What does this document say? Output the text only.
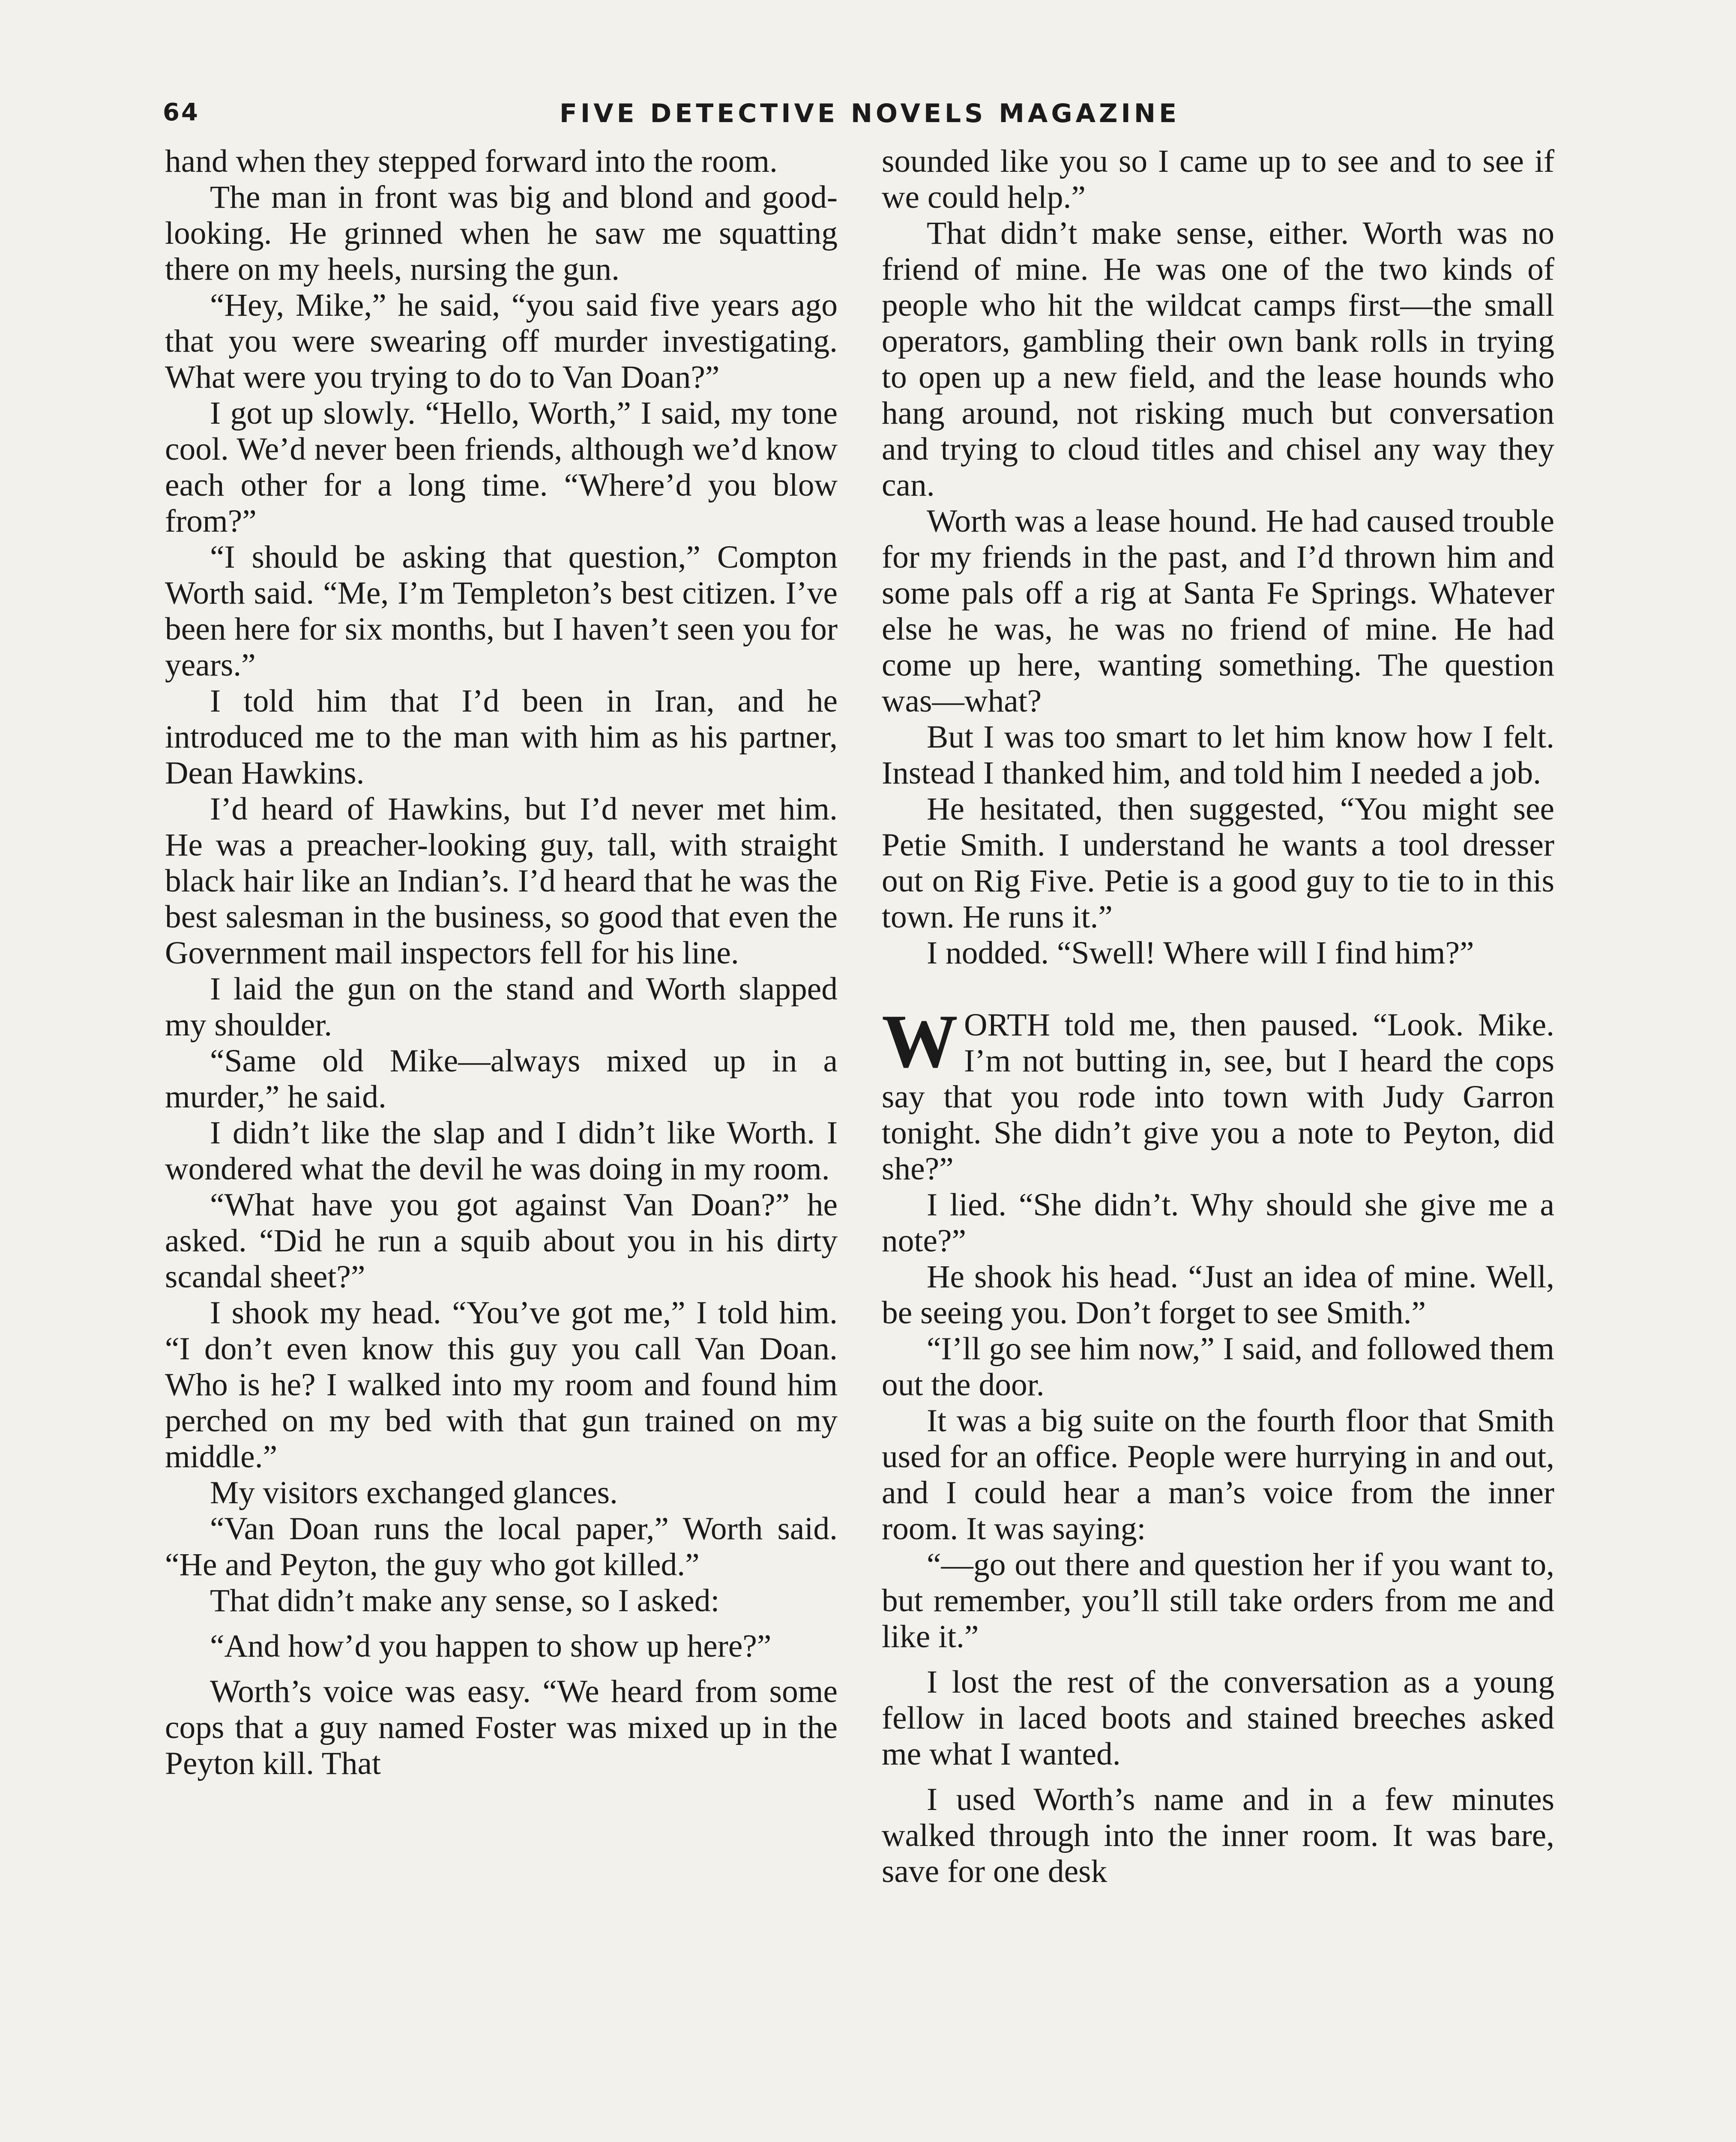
64	FIVE DETECTIVE NOVELS MAGAZINE

hand when they stepped forward into the room.

The man in front was big and blond and good-looking. He grinned when he saw me squatting there on my heels, nursing the gun.

“Hey, Mike,” he said, “you said five years ago that you were swearing off murder investigating. What were you trying to do to Van Doan?”

I got up slowly. “Hello, Worth,” I said, my tone cool. We’d never been friends, although we’d know each other for a long time. “Where’d you blow from?”

“I should be asking that question,” Compton Worth said. “Me, I’m Templeton’s best citizen. I’ve been here for six months, but I haven’t seen you for years.”

I told him that I’d been in Iran, and he introduced me to the man with him as his partner, Dean Hawkins.

I’d heard of Hawkins, but I’d never met him. He was a preacher-looking guy, tall, with straight black hair like an Indian’s. I’d heard that he was the best salesman in the business, so good that even the Government mail inspectors fell for his line.

I laid the gun on the stand and Worth slapped my shoulder.

“Same old Mike—always mixed up in a murder,” he said.

I didn’t like the slap and I didn’t like Worth. I wondered what the devil he was doing in my room.

“What have you got against Van Doan?” he asked. “Did he run a squib about you in his dirty scandal sheet?”

I shook my head. “You’ve got me,” I told him. “I don’t even know this guy you call Van Doan. Who is he? I walked into my room and found him perched on my bed with that gun trained on my middle.”

My visitors exchanged glances.

“Van Doan runs the local paper,” Worth said. “He and Peyton, the guy who got killed.”

That didn’t make any sense, so I asked:

“And how’d you happen to show up here?”

Worth’s voice was easy. “We heard from some cops that a guy named Foster was mixed up in the Peyton kill. That

sounded like you so I came up to see and to see if we could help.”

That didn’t make sense, either. Worth was no friend of mine. He was one of the two kinds of people who hit the wildcat camps first—the small operators, gambling their own bank rolls in trying to open up a new field, and the lease hounds who hang around, not risking much but conversation and trying to cloud titles and chisel any way they can.

Worth was a lease hound. He had caused trouble for my friends in the past, and I’d thrown him and some pals off a rig at Santa Fe Springs. Whatever else he was, he was no friend of mine. He had come up here, wanting something. The question was—what?

But I was too smart to let him know how I felt. Instead I thanked him, and told him I needed a job.

He hesitated, then suggested, “You might see Petie Smith. I understand he wants a tool dresser out on Rig Five. Petie is a good guy to tie to in this town. He runs it.”

I nodded. “Swell! Where will I find him?”

WORTH told me, then paused. “Look. Mike. I’m not butting in, see, but I heard the cops say that you rode into town with Judy Garron tonight. She didn’t give you a note to Peyton, did she?”

I lied. “She didn’t. Why should she give me a note?”

He shook his head. “Just an idea of mine. Well, be seeing you. Don’t forget to see Smith.”

“I’ll go see him now,” I said, and followed them out the door.

It was a big suite on the fourth floor that Smith used for an office. People were hurrying in and out, and I could hear a man’s voice from the inner room. It was saying:

“—go out there and question her if you want to, but remember, you’ll still take orders from me and like it.”

I lost the rest of the conversation as a young fellow in laced boots and stained breeches asked me what I wanted.

I used Worth’s name and in a few minutes walked through into the inner room. It was bare, save for one desk
